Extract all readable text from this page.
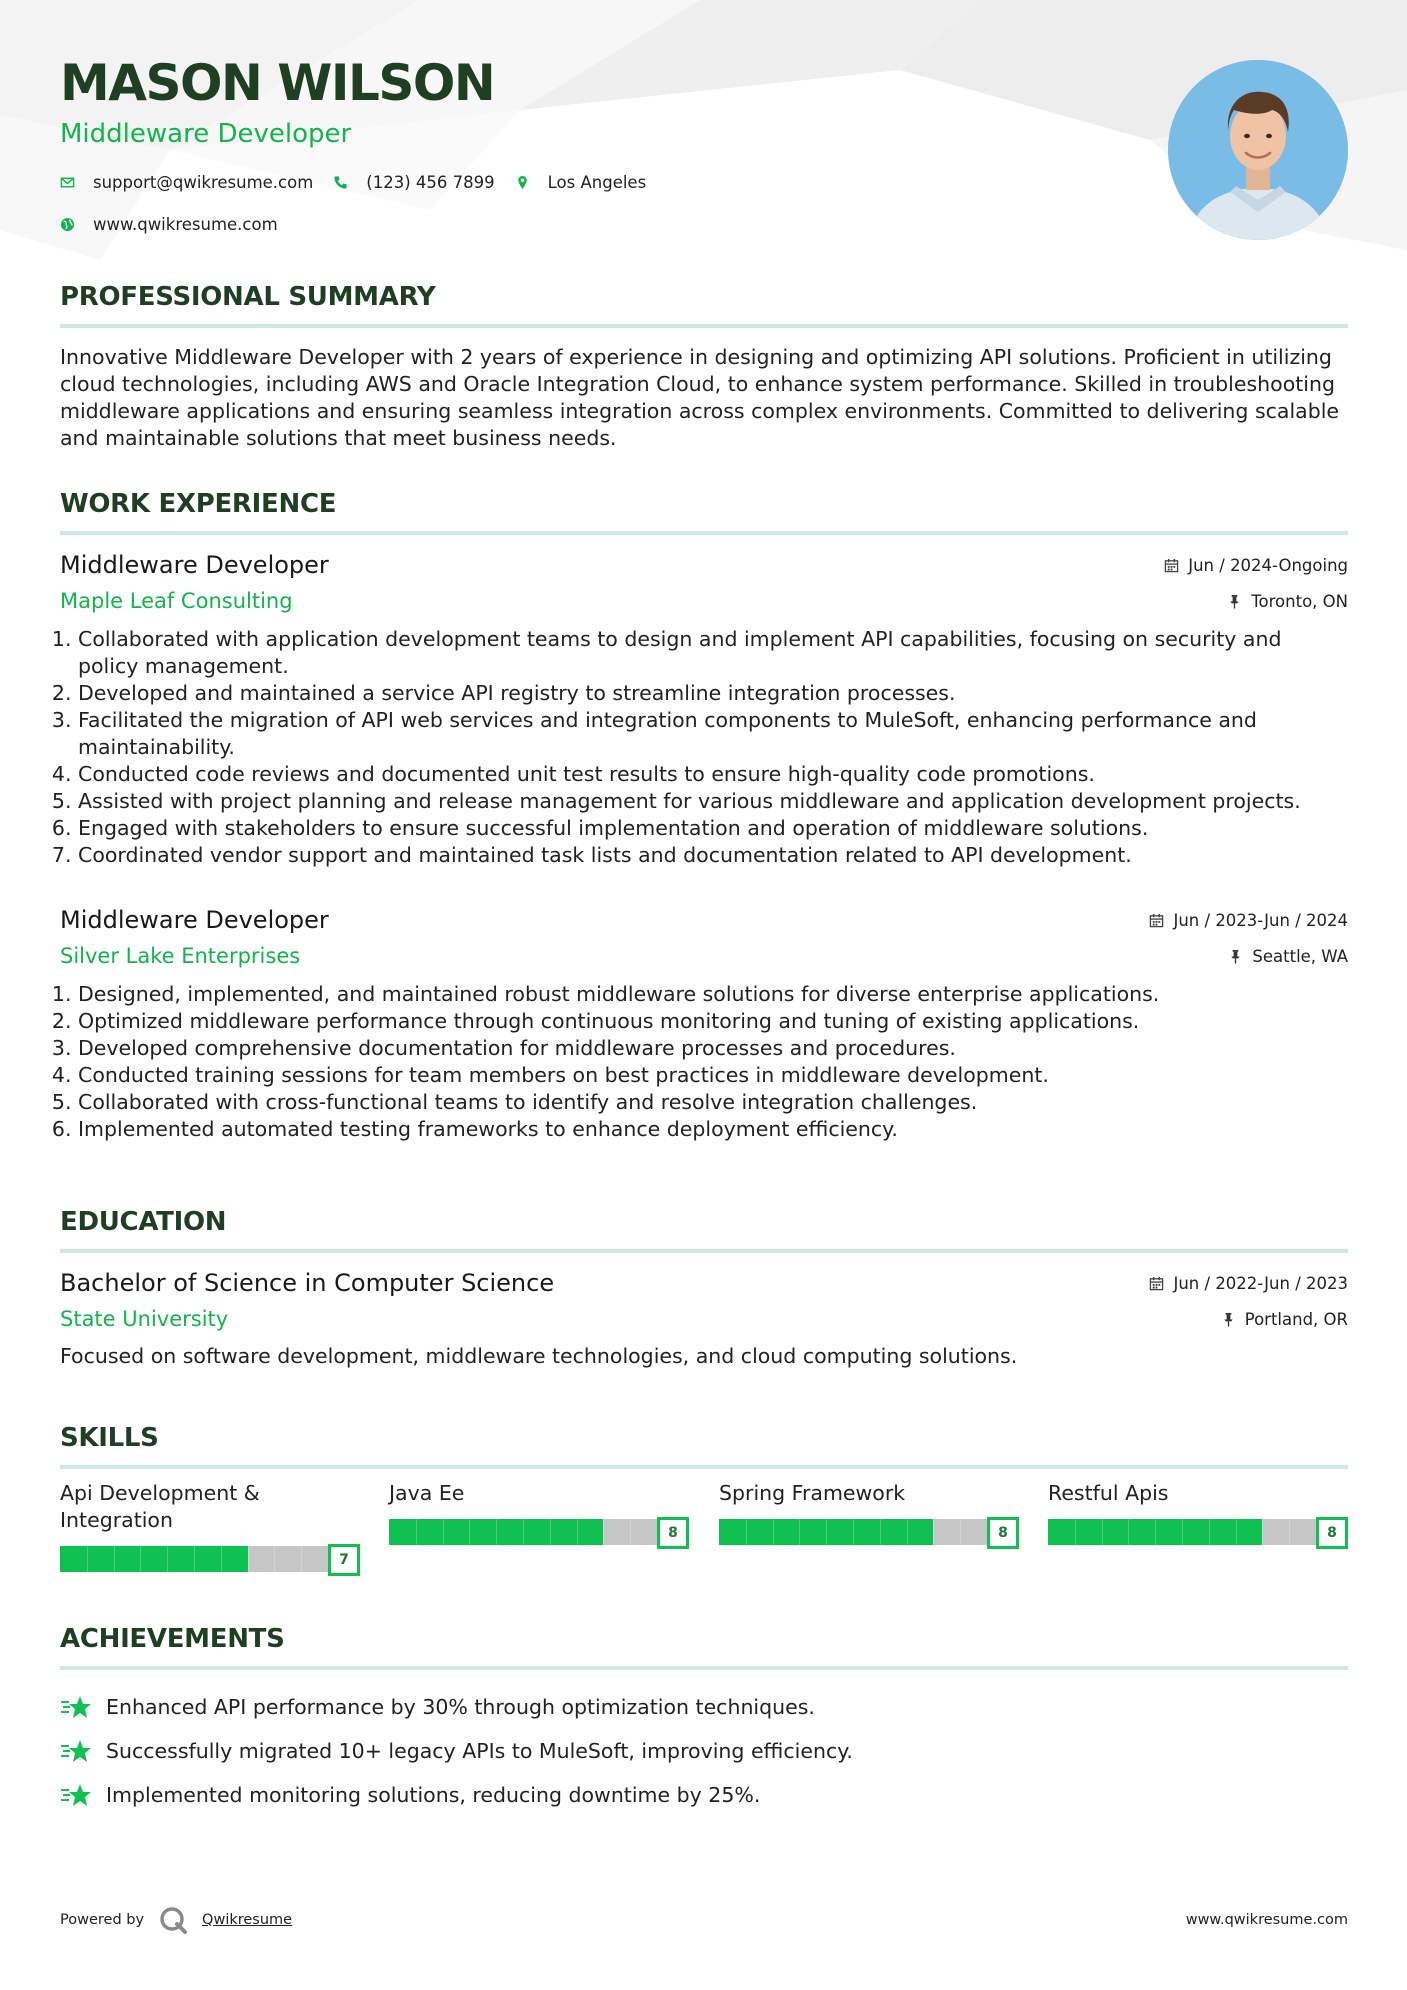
MASON WILSON
Middleware Developer
support@qwikresume.com	(123) 456 7899	Los Angeles
www.qwikresume.com
PROFESSIONAL SUMMARY

Innovative Middleware Developer with 2 years of experience in designing and optimizing API solutions. Proficient in utilizing cloud technologies, including AWS and Oracle Integration Cloud, to enhance system performance. Skilled in troubleshooting middleware applications and ensuring seamless integration across complex environments. Committed to delivering scalable and maintainable solutions that meet business needs.

WORK EXPERIENCE
Middleware Developer	Jun / 2024-Ongoing
Maple Leaf Consulting	Toronto, ON
1. Collaborated with application development teams to design and implement API capabilities, focusing on security and policy management.
2. Developed and maintained a service API registry to streamline integration processes.
3. Facilitated the migration of API web services and integration components to MuleSoft, enhancing performance and maintainability.
4. Conducted code reviews and documented unit test results to ensure high-quality code promotions.
5. Assisted with project planning and release management for various middleware and application development projects.
6. Engaged with stakeholders to ensure successful implementation and operation of middleware solutions.
7. Coordinated vendor support and maintained task lists and documentation related to API development.
Middleware Developer	Jun / 2023-Jun / 2024
Silver Lake Enterprises	Seattle, WA
1. Designed, implemented, and maintained robust middleware solutions for diverse enterprise applications.
2. Optimized middleware performance through continuous monitoring and tuning of existing applications.
3. Developed comprehensive documentation for middleware processes and procedures.
4. Conducted training sessions for team members on best practices in middleware development.
5. Collaborated with cross-functional teams to identify and resolve integration challenges.
6. Implemented automated testing frameworks to enhance deployment efficiency.
EDUCATION
Bachelor of Science in Computer Science	Jun / 2022-Jun / 2023
State University	Portland, OR
Focused on software development, middleware technologies, and cloud computing solutions.
SKILLS
Api Development & Integration
7
Java Ee
8
Spring Framework
8
Restful Apis
8
ACHIEVEMENTS
Enhanced API performance by 30% through optimization techniques.
Successfully migrated 10+ legacy APIs to MuleSoft, improving efficiency.
Implemented monitoring solutions, reducing downtime by 25%.
Powered by	Qwikresume	www.qwikresume.com
